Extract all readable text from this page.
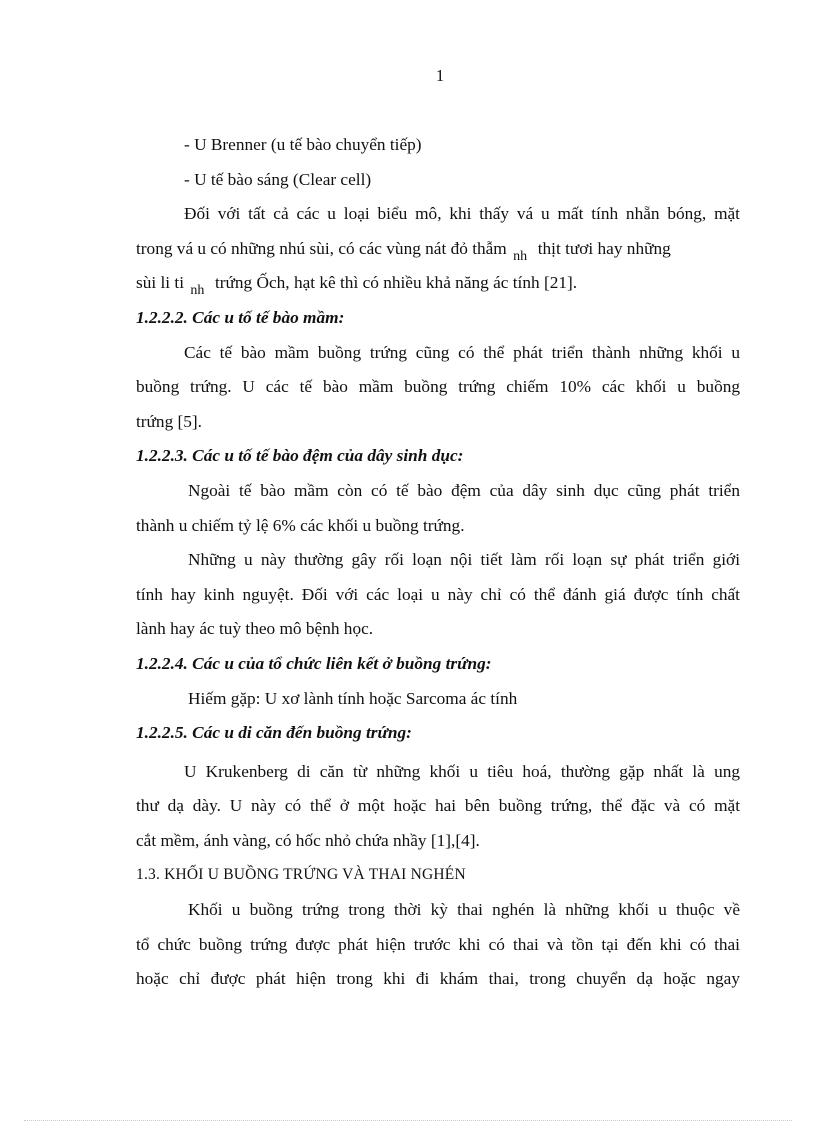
1
- U Brenner (u tế bào chuyển tiếp)
- U tế bào sáng (Clear cell)
Đối với tất cả các u loại biểu mô, khi thấy vá u mất tính nhẵn bóng, mặt
trong vá u có những nhú sùi, có các vùng nát đỏ thẫm $_{nh}$ thịt tươi hay những
sùi li ti $_{nh}$ trứng Ốch, hạt kê thì có nhiều khả năng ác tính [21].
1.2.2.2. Các u tố tế bào mầm:
Các tế bào mầm buồng trứng cũng có thể phát triển thành những khối u
buồng trứng. U các tế bào mầm buồng trứng chiếm 10% các khối u buồng
trứng [5].
1.2.2.3. Các u tố tế bào đệm của dây sinh dục:
Ngoài tế bào mầm còn có tế bào đệm của dây sinh dục cũng phát triển
thành u chiếm tỷ lệ 6% các khối u buồng trứng.
Những u này thường gây rối loạn nội tiết làm rối loạn sự phát triển giới
tính hay kinh nguyệt. Đối với các loại u này chỉ có thể đánh giá được tính chất
lành hay ác tuỳ theo mô bệnh học.
1.2.2.4. Các u của tổ chức liên kết ở buồng trứng:
Hiếm gặp: U xơ lành tính hoặc Sarcoma ác tính
1.2.2.5. Các u di căn đến buồng trứng:
U Krukenberg di căn từ những khối u tiêu hoá, thường gặp nhất là ung
thư dạ dày. U này có thể ở một hoặc hai bên buồng trứng, thể đặc và có mặt
cắt mềm, ánh vàng, có hốc nhỏ chứa nhầy [1],[4].
1.3. KHỐI U BUỒNG TRỨNG VÀ THAI NGHÉN
Khối u buồng trứng trong thời kỳ thai nghén là những khối u thuộc về
tổ chức buồng trứng được phát hiện trước khi có thai và tồn tại đến khi có thai
hoặc chỉ được phát hiện trong khi đi khám thai, trong chuyển dạ hoặc ngay
